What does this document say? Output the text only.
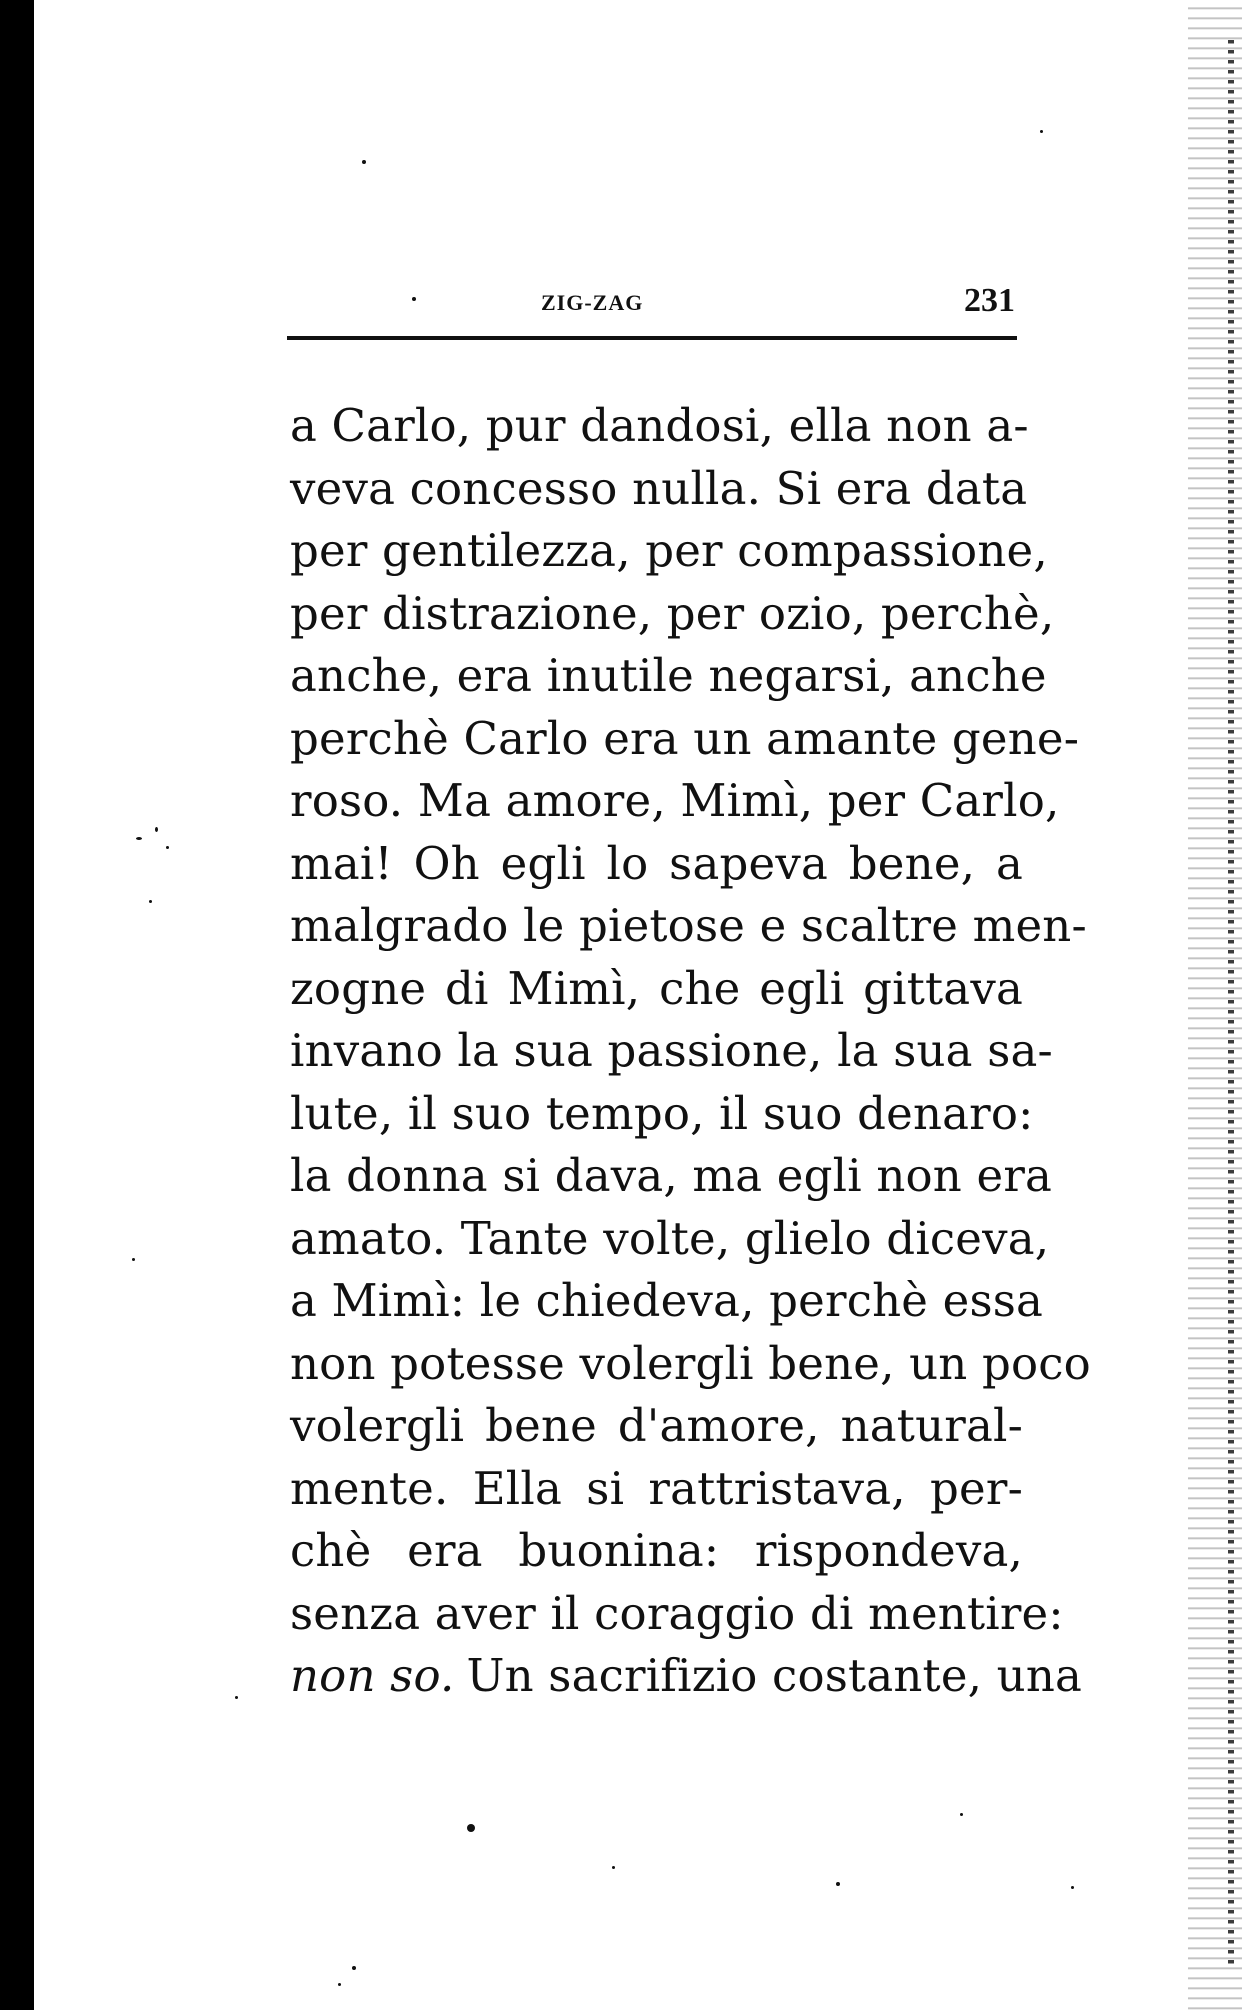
ZIG-ZAG	231
a Carlo, pur dandosi, ella non a-
veva concesso nulla. Si era data
per gentilezza, per compassione,
per distrazione, per ozio, perchè,
anche, era inutile negarsi, anche
perchè Carlo era un amante gene-
roso. Ma amore, Mimì, per Carlo,
mai! Oh egli lo sapeva bene, a
malgrado le pietose e scaltre men-
zogne di Mimì, che egli gittava
invano la sua passione, la sua sa-
lute, il suo tempo, il suo denaro:
la donna si dava, ma egli non era
amato. Tante volte, glielo diceva,
a Mimì: le chiedeva, perchè essa
non potesse volergli bene, un poco
volergli bene d'amore, natural-
mente. Ella si rattristava, per-
chè era buonina: rispondeva,
senza aver il coraggio di mentire:
non so. Un sacrifizio costante, una
